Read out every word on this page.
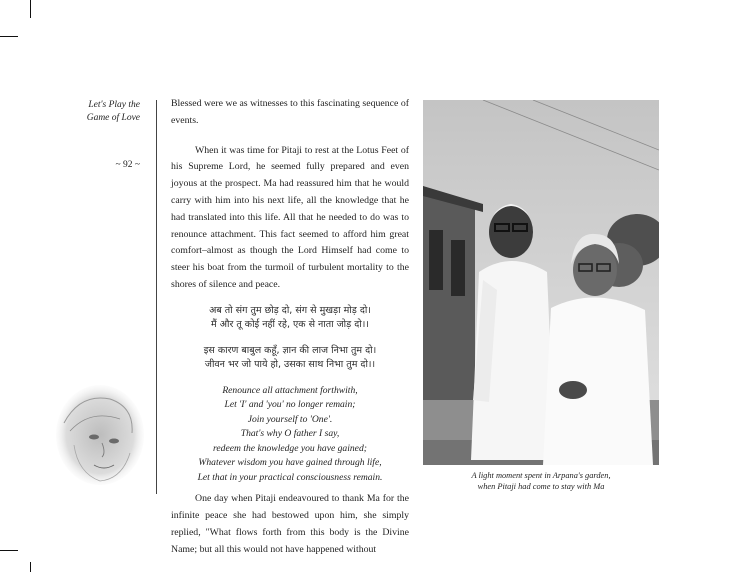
Let's Play the
Game of Love
~ 92 ~

Blessed were we as witnesses to this fascinating sequence of events.

When it was time for Pitaji to rest at the Lotus Feet of his Supreme Lord, he seemed fully prepared and even joyous at the prospect. Ma had reassured him that he would carry with him into his next life, all the knowledge that he had translated into this life. All that he needed to do was to renounce attachment. This fact seemed to afford him great comfort–almost as though the Lord Himself had come to steer his boat from the turmoil of turbulent mortality to the shores of silence and peace.

अब तो संग तुम छोड़ दो, संग से मुखड़ा मोड़ दो।
मैं और तू कोई नहीं रहे, एक से नाता जोड़ दो।।
इस कारण बाबुल कहूँ, ज्ञान की लाज निभा तुम दो।
जीवन भर जो पाये हो, उसका साथ निभा तुम दो।।
Renounce all attachment forthwith,
Let 'I' and 'you' no longer remain;
Join yourself to 'One'.
That's why O father I say,
redeem the knowledge you have gained;
Whatever wisdom you have gained through life,
Let that in your practical consciousness remain.

One day when Pitaji endeavoured to thank Ma for the infinite peace she had bestowed upon him, she simply replied, "What flows forth from this body is the Divine Name; but all this would not have happened without

A light moment spent in Arpana's garden,
when Pitaji had come to stay with Ma
